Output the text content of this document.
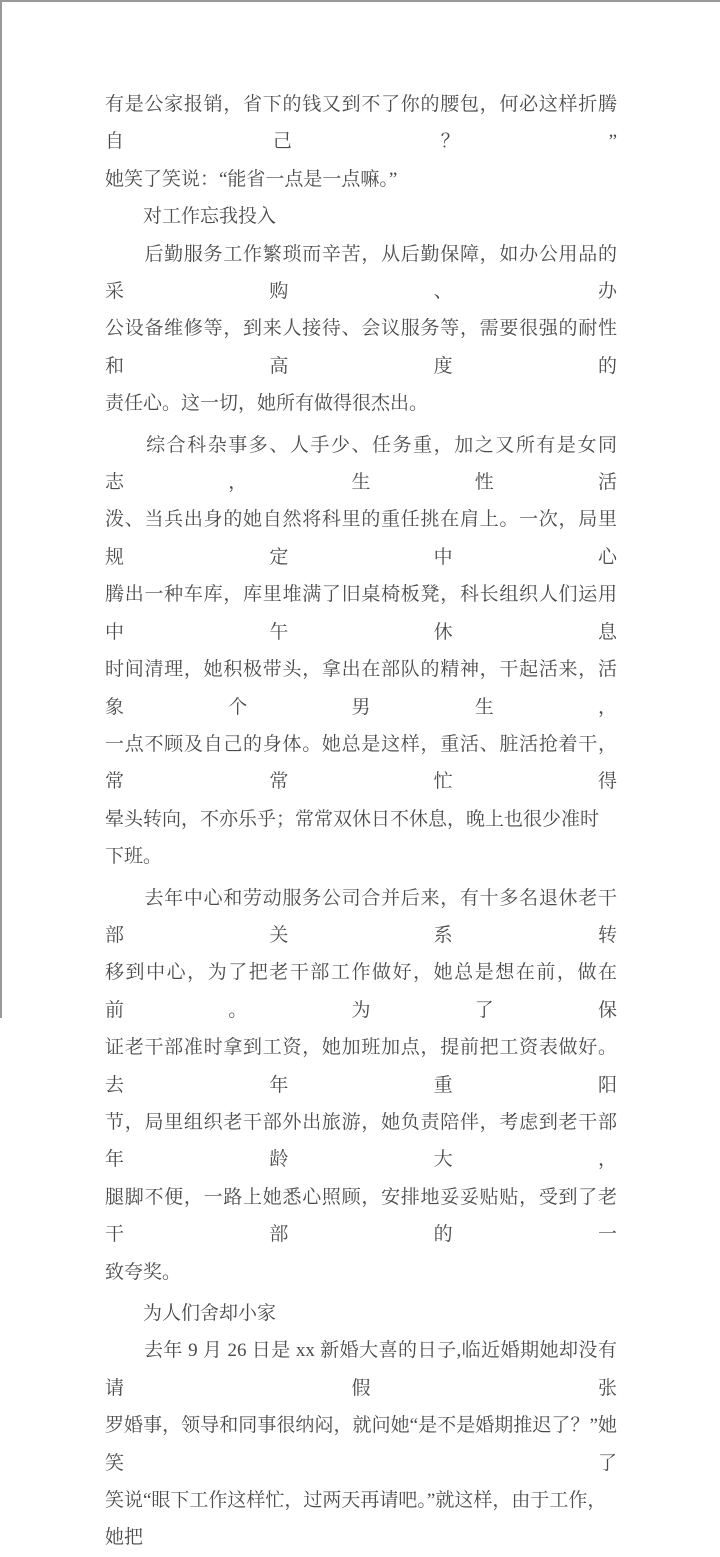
有是公家报销，省下的钱又到不了你的腰包，何必这样折腾自己？”
她笑了笑说：“能省一点是一点嘛。”
　　对工作忘我投入
　　后勤服务工作繁琐而辛苦，从后勤保障，如办公用品的采购、办
公设备维修等，到来人接待、会议服务等，需要很强的耐性和高度的
责任心。这一切，她所有做得很杰出。
　　综合科杂事多、人手少、任务重，加之又所有是女同志，生性活
泼、当兵出身的她自然将科里的重任挑在肩上。一次，局里规定中心
腾出一种车库，库里堆满了旧桌椅板凳，科长组织人们运用中午休息
时间清理，她积极带头，拿出在部队的精神，干起活来，活象个男生，
一点不顾及自己的身体。她总是这样，重活、脏活抢着干，常常忙得
晕头转向，不亦乐乎；常常双休日不休息，晚上也很少准时下班。
　　去年中心和劳动服务公司合并后来，有十多名退休老干部关系转
移到中心，为了把老干部工作做好，她总是想在前，做在前。为了保
证老干部准时拿到工资，她加班加点，提前把工资表做好。去年重阳
节，局里组织老干部外出旅游，她负责陪伴，考虑到老干部年龄大，
腿脚不便，一路上她悉心照顾，安排地妥妥贴贴，受到了老干部的一
致夸奖。
　　为人们舍却小家
　　去年 9 月 26 日是 xx 新婚大喜的日子,临近婚期她却没有请假张
罗婚事，领导和同事很纳闷，就问她“是不是婚期推迟了？”她笑了
笑说“眼下工作这样忙，过两天再请吧。”就这样，由于工作，她把
